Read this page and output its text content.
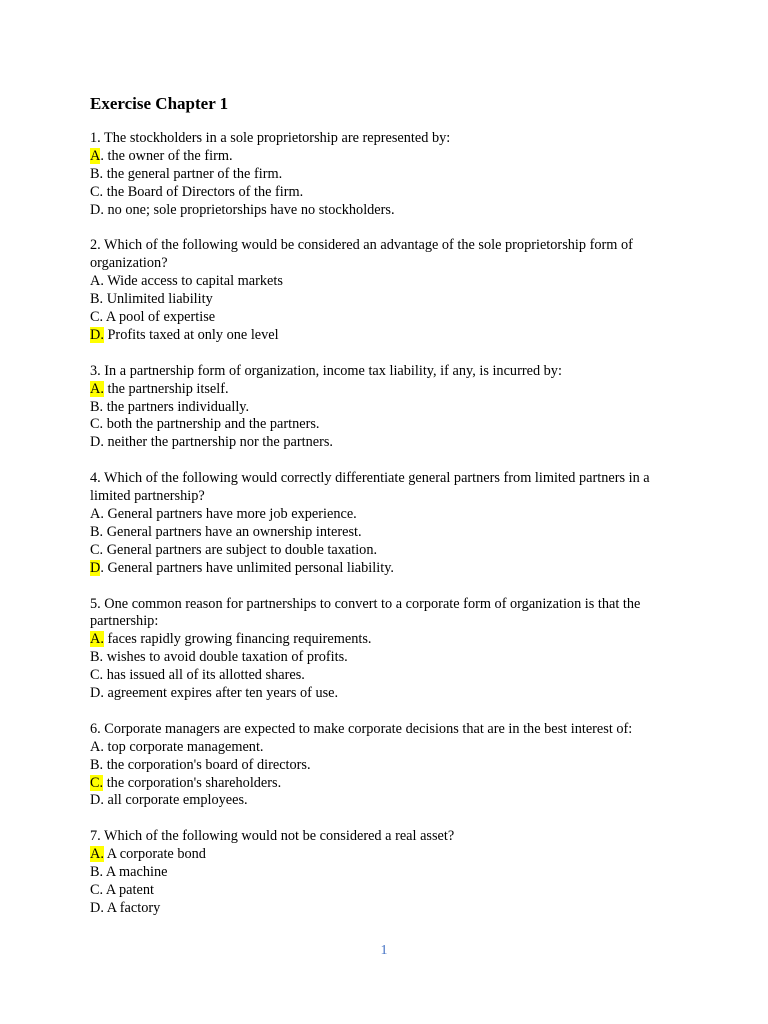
Exercise Chapter 1
1. The stockholders in a sole proprietorship are represented by:
A. the owner of the firm.
B. the general partner of the firm.
C. the Board of Directors of the firm.
D. no one; sole proprietorships have no stockholders.
2. Which of the following would be considered an advantage of the sole proprietorship form of organization?
A. Wide access to capital markets
B. Unlimited liability
C. A pool of expertise
D. Profits taxed at only one level
3. In a partnership form of organization, income tax liability, if any, is incurred by:
A. the partnership itself.
B. the partners individually.
C. both the partnership and the partners.
D. neither the partnership nor the partners.
4. Which of the following would correctly differentiate general partners from limited partners in a limited partnership?
A. General partners have more job experience.
B. General partners have an ownership interest.
C. General partners are subject to double taxation.
D. General partners have unlimited personal liability.
5. One common reason for partnerships to convert to a corporate form of organization is that the partnership:
A. faces rapidly growing financing requirements.
B. wishes to avoid double taxation of profits.
C. has issued all of its allotted shares.
D. agreement expires after ten years of use.
6. Corporate managers are expected to make corporate decisions that are in the best interest of:
A. top corporate management.
B. the corporation's board of directors.
C. the corporation's shareholders.
D. all corporate employees.
7. Which of the following would not be considered a real asset?
A. A corporate bond
B. A machine
C. A patent
D. A factory
1
